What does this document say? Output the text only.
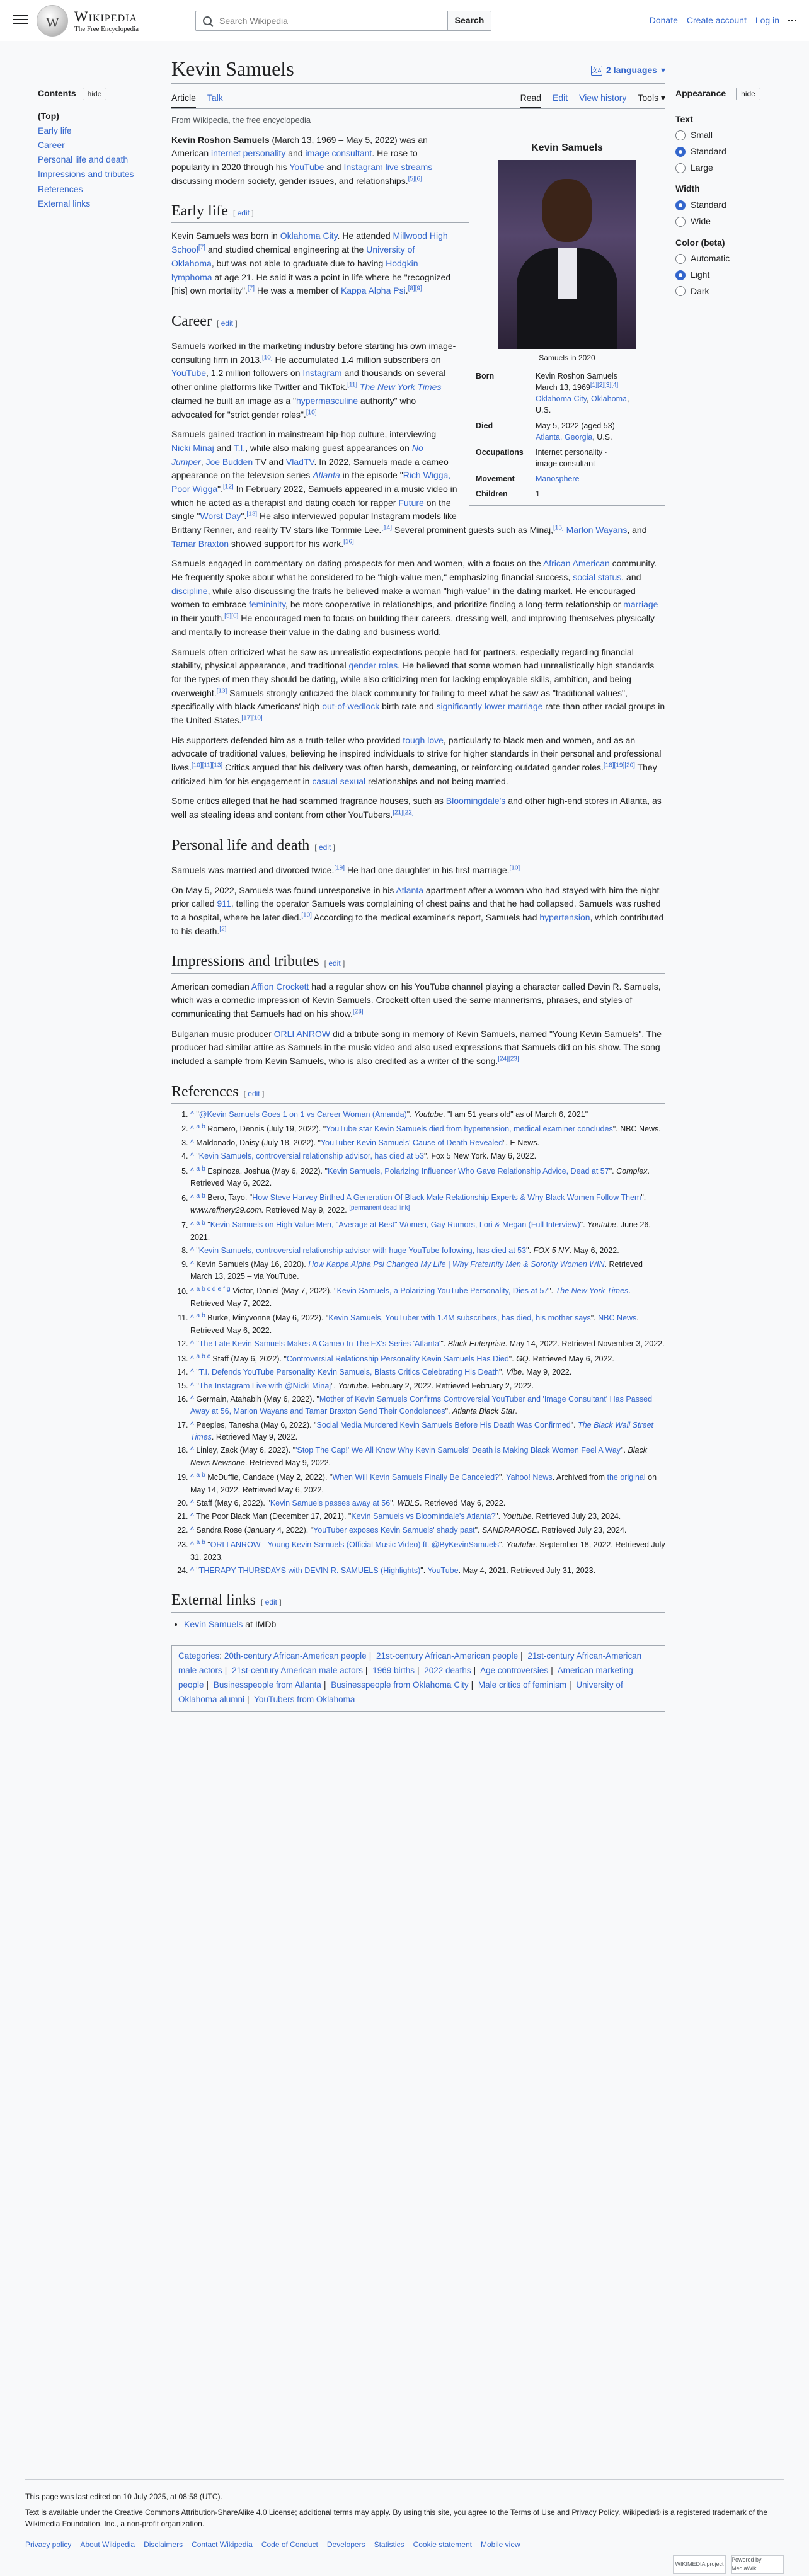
W
Wikipedia
The Free Encyclopedia
Search Wikipedia
Search	Donate Create account Log in
Contents	hide
(Top)
Early life
Career
Personal life and death
Impressions and tributes
References
External links
Kevin Samuels	文A 2 languages ▾
Article Talk	Read Edit View history Tools ▾
From Wikipedia, the free encyclopedia
Kevin Samuels
Samuels in 2020
Born	Kevin Roshon Samuels
March 13, 1969[1][2][3][4]
Oklahoma City, Oklahoma,
U.S.
Died	May 5, 2022 (aged 53)
Atlanta, Georgia, U.S.
Occupations	Internet personality ·
image consultant
Movement	Manosphere
Children	1

Kevin Roshon Samuels (March 13, 1969 – May 5, 2022) was an American internet personality and image consultant. He rose to popularity in 2020 through his YouTube and Instagram live streams discussing modern society, gender issues, and relationships.[5][6]

Early life [ edit ]

Kevin Samuels was born in Oklahoma City. He attended Millwood High School[7] and studied chemical engineering at the University of Oklahoma, but was not able to graduate due to having Hodgkin lymphoma at age 21. He said it was a point in life where he "recognized [his] own mortality".[7] He was a member of Kappa Alpha Psi.[8][9]

Career [ edit ]

Samuels worked in the marketing industry before starting his own image-consulting firm in 2013.[10] He accumulated 1.4 million subscribers on YouTube, 1.2 million followers on Instagram and thousands on several other online platforms like Twitter and TikTok.[11] The New York Times claimed he built an image as a "hypermasculine authority" who advocated for "strict gender roles".[10]

Samuels gained traction in mainstream hip-hop culture, interviewing Nicki Minaj and T.I., while also making guest appearances on No Jumper, Joe Budden TV and VladTV. In 2022, Samuels made a cameo appearance on the television series Atlanta in the episode "Rich Wigga, Poor Wigga".[12] In February 2022, Samuels appeared in a music video in which he acted as a therapist and dating coach for rapper Future on the single "Worst Day".[13] He also interviewed popular Instagram models like Brittany Renner, and reality TV stars like Tommie Lee.[14] Several prominent guests such as Minaj,[15] Marlon Wayans, and Tamar Braxton showed support for his work.[16]

Samuels engaged in commentary on dating prospects for men and women, with a focus on the African American community. He frequently spoke about what he considered to be "high-value men," emphasizing financial success, social status, and discipline, while also discussing the traits he believed make a woman "high-value" in the dating market. He encouraged women to embrace femininity, be more cooperative in relationships, and prioritize finding a long-term relationship or marriage in their youth.[5][6] He encouraged men to focus on building their careers, dressing well, and improving themselves physically and mentally to increase their value in the dating and business world.

Samuels often criticized what he saw as unrealistic expectations people had for partners, especially regarding financial stability, physical appearance, and traditional gender roles. He believed that some women had unrealistically high standards for the types of men they should be dating, while also criticizing men for lacking employable skills, ambition, and being overweight.[13] Samuels strongly criticized the black community for failing to meet what he saw as "traditional values", specifically with black Americans' high out-of-wedlock birth rate and significantly lower marriage rate than other racial groups in the United States.[17][10]

His supporters defended him as a truth-teller who provided tough love, particularly to black men and women, and as an advocate of traditional values, believing he inspired individuals to strive for higher standards in their personal and professional lives.[10][11][13] Critics argued that his delivery was often harsh, demeaning, or reinforcing outdated gender roles.[18][19][20] They criticized him for his engagement in casual sexual relationships and not being married.

Some critics alleged that he had scammed fragrance houses, such as Bloomingdale's and other high-end stores in Atlanta, as well as stealing ideas and content from other YouTubers.[21][22]

Personal life and death [ edit ]

Samuels was married and divorced twice.[19] He had one daughter in his first marriage.[10]

On May 5, 2022, Samuels was found unresponsive in his Atlanta apartment after a woman who had stayed with him the night prior called 911, telling the operator Samuels was complaining of chest pains and that he had collapsed. Samuels was rushed to a hospital, where he later died.[10] According to the medical examiner's report, Samuels had hypertension, which contributed to his death.[2]

Impressions and tributes [ edit ]

American comedian Affion Crockett had a regular show on his YouTube channel playing a character called Devin R. Samuels, which was a comedic impression of Kevin Samuels. Crockett often used the same mannerisms, phrases, and styles of communicating that Samuels had on his show.[23]

Bulgarian music producer ORLI ANROW did a tribute song in memory of Kevin Samuels, named "Young Kevin Samuels". The producer had similar attire as Samuels in the music video and also used expressions that Samuels did on his show. The song included a sample from Kevin Samuels, who is also credited as a writer of the song.[24][23]

References [ edit ]
1. ^ "@Kevin Samuels Goes 1 on 1 vs Career Woman (Amanda)". Youtube. "I am 51 years old" as of March 6, 2021"
2. ^ $^{a b}$ Romero, Dennis (July 19, 2022). "YouTube star Kevin Samuels died from hypertension, medical examiner concludes". NBC News.
3. ^ Maldonado, Daisy (July 18, 2022). "YouTuber Kevin Samuels' Cause of Death Revealed". E News.
4. ^ "Kevin Samuels, controversial relationship advisor, has died at 53". Fox 5 New York. May 6, 2022.
5. ^ $^{a b}$ Espinoza, Joshua (May 6, 2022). "Kevin Samuels, Polarizing Influencer Who Gave Relationship Advice, Dead at 57". Complex. Retrieved May 6, 2022.
6. ^ $^{a b}$ Bero, Tayo. "How Steve Harvey Birthed A Generation Of Black Male Relationship Experts & Why Black Women Follow Them". www.refinery29.com. Retrieved May 9, 2022. [permanent dead link]
7. ^ $^{a b}$ "Kevin Samuels on High Value Men, "Average at Best" Women, Gay Rumors, Lori & Megan (Full Interview)". Youtube. June 26, 2021.
8. ^ "Kevin Samuels, controversial relationship advisor with huge YouTube following, has died at 53". FOX 5 NY. May 6, 2022.
9. ^ Kevin Samuels (May 16, 2020). How Kappa Alpha Psi Changed My Life | Why Fraternity Men & Sorority Women WIN. Retrieved March 13, 2025 – via YouTube.
10. ^ $^{a b c d e f g}$ Victor, Daniel (May 7, 2022). "Kevin Samuels, a Polarizing YouTube Personality, Dies at 57". The New York Times. Retrieved May 7, 2022.
11. ^ $^{a b}$ Burke, Minyvonne (May 6, 2022). "Kevin Samuels, YouTuber with 1.4M subscribers, has died, his mother says". NBC News. Retrieved May 6, 2022.
12. ^ "The Late Kevin Samuels Makes A Cameo In The FX's Series 'Atlanta'". Black Enterprise. May 14, 2022. Retrieved November 3, 2022.
13. ^ $^{a b c}$ Staff (May 6, 2022). "Controversial Relationship Personality Kevin Samuels Has Died". GQ. Retrieved May 6, 2022.
14. ^ "T.I. Defends YouTube Personality Kevin Samuels, Blasts Critics Celebrating His Death". Vibe. May 9, 2022.
15. ^ "The Instagram Live with @Nicki Minaj". Youtube. February 2, 2022. Retrieved February 2, 2022.
16. ^ Germain, Atahabih (May 6, 2022). "Mother of Kevin Samuels Confirms Controversial YouTuber and 'Image Consultant' Has Passed Away at 56, Marlon Wayans and Tamar Braxton Send Their Condolences". Atlanta Black Star.
17. ^ Peeples, Tanesha (May 6, 2022). "Social Media Murdered Kevin Samuels Before His Death Was Confirmed". The Black Wall Street Times. Retrieved May 9, 2022.
18. ^ Linley, Zack (May 6, 2022). "'Stop The Cap!' We All Know Why Kevin Samuels' Death is Making Black Women Feel A Way". Black News Newsone. Retrieved May 9, 2022.
19. ^ $^{a b}$ McDuffie, Candace (May 2, 2022). "When Will Kevin Samuels Finally Be Canceled?". Yahoo! News. Archived from the original on May 14, 2022. Retrieved May 6, 2022.
20. ^ Staff (May 6, 2022). "Kevin Samuels passes away at 56". WBLS. Retrieved May 6, 2022.
21. ^ The Poor Black Man (December 17, 2021). "Kevin Samuels vs Bloomindale's Atlanta?". Youtube. Retrieved July 23, 2024.
22. ^ Sandra Rose (January 4, 2022). "YouTuber exposes Kevin Samuels' shady past". SANDRAROSE. Retrieved July 23, 2024.
23. ^ $^{a b}$ "ORLI ANROW - Young Kevin Samuels (Official Music Video) ft. @ByKevinSamuels". Youtube. September 18, 2022. Retrieved July 31, 2023.
24. ^ "THERAPY THURSDAYS with DEVIN R. SAMUELS (Highlights)". YouTube. May 4, 2021. Retrieved July 31, 2023.
External links [ edit ]
• Kevin Samuels at IMDb
Categories: 20th-century African-American people | 21st-century African-American people | 21st-century African-American male actors | 21st-century American male actors | 1969 births | 2022 deaths | Age controversies | American marketing people | Businesspeople from Atlanta | Businesspeople from Oklahoma City | Male critics of feminism | University of Oklahoma alumni | YouTubers from Oklahoma
Appearance	hide
Text
Small
Standard
Large
Width
Standard
Wide
Color (beta)
Automatic
Light
Dark

This page was last edited on 10 July 2025, at 08:58 (UTC).

Text is available under the Creative Commons Attribution-ShareAlike 4.0 License; additional terms may apply. By using this site, you agree to the Terms of Use and Privacy Policy. Wikipedia® is a registered trademark of the Wikimedia Foundation, Inc., a non-profit organization.

Privacy policy About Wikipedia Disclaimers Contact Wikipedia Code of Conduct Developers Statistics Cookie statement Mobile view
WIKIMEDIA project
Powered by MediaWiki
